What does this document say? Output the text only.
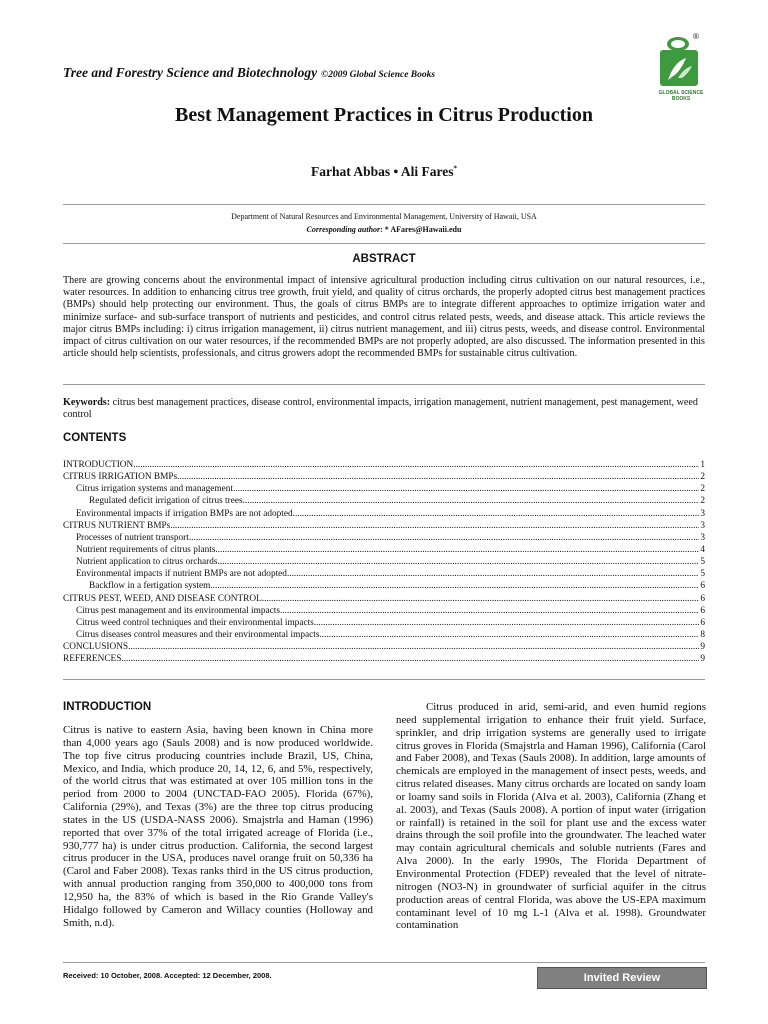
Tree and Forestry Science and Biotechnology ©2009 Global Science Books
®
GLOBAL SCIENCE
BOOKS
Best Management Practices in Citrus Production
Farhat Abbas • Ali Fares*
Department of Natural Resources and Environmental Management, University of Hawaii, USA
Corresponding author: * AFares@Hawaii.edu
ABSTRACT
There are growing concerns about the environmental impact of intensive agricultural production including citrus cultivation on our natural resources, i.e., water resources. In addition to enhancing citrus tree growth, fruit yield, and quality of citrus orchards, the properly adopted citrus best management practices (BMPs) should help protecting our environment. Thus, the goals of citrus BMPs are to integrate different approaches to optimize irrigation water and minimize surface- and sub-surface transport of nutrients and pesticides, and control citrus related pests, weeds, and disease attack. This article reviews the major citrus BMPs including: i) citrus irrigation management, ii) citrus nutrient management, and iii) citrus pests, weeds, and disease control. Environmental impact of citrus cultivation on our water resources, if the recommended BMPs are not properly adopted, are also discussed. The information presented in this article should help scientists, professionals, and citrus growers adopt the recommended BMPs for sustainable citrus cultivation.
Keywords: citrus best management practices, disease control, environmental impacts, irrigation management, nutrient management, pest management, weed control
CONTENTS
INTRODUCTION .....	1
CITRUS IRRIGATION BMPs .....	2
Citrus irrigation systems and management .....	2
Regulated deficit irrigation of citrus trees .....	2
Environmental impacts if irrigation BMPs are not adopted .....	3
CITRUS NUTRIENT BMPs .....	3
Processes of nutrient transport .....	3
Nutrient requirements of citrus plants .....	4
Nutrient application to citrus orchards .....	5
Environmental impacts if nutrient BMPs are not adopted .....	5
Backflow in a fertigation system .....	6
CITRUS PEST, WEED, AND DISEASE CONTROL .....	6
Citrus pest management and its environmental impacts .....	6
Citrus weed control techniques and their environmental impacts .....	6
Citrus diseases control measures and their environmental impacts .....	8
CONCLUSIONS .....	9
REFERENCES .....	9
INTRODUCTION
Citrus is native to eastern Asia, having been known in China more than 4,000 years ago (Sauls 2008) and is now produced worldwide. The top five citrus producing countries include Brazil, US, China, Mexico, and India, which produce 20, 14, 12, 6, and 5%, respectively, of the world citrus that was estimated at over 105 million tons in the period from 2000 to 2004 (UNCTAD-FAO 2005). Florida (67%), California (29%), and Texas (3%) are the three top citrus producing states in the US (USDA-NASS 2006). Smajstrla and Haman (1996) reported that over 37% of the total irrigated acreage of Florida (i.e., 930,777 ha) is under citrus production. California, the second largest citrus producer in the USA, produces navel orange fruit on 50,336 ha (Carol and Faber 2008). Texas ranks third in the US citrus production, with annual production ranging from 350,000 to 400,000 tons from 12,950 ha, the 83% of which is based in the Rio Grande Valley's Hidalgo followed by Cameron and Willacy counties (Holloway and Smith, n.d).
Citrus produced in arid, semi-arid, and even humid regions need supplemental irrigation to enhance their fruit yield. Surface, sprinkler, and drip irrigation systems are generally used to irrigate citrus groves in Florida (Smajstrla and Haman 1996), California (Carol and Faber 2008), and Texas (Sauls 2008). In addition, large amounts of chemicals are employed in the management of insect pests, weeds, and citrus related diseases. Many citrus orchards are located on sandy loam or loamy sand soils in Florida (Alva et al. 2003), California (Zhang et al. 2003), and Texas (Sauls 2008). A portion of input water (irrigation or rainfall) is retained in the soil for plant use and the excess water drains through the soil profile into the groundwater. The leached water may contain agricultural chemicals and soluble nutrients (Fares and Alva 2000). In the early 1990s, The Florida Department of Environmental Protection (FDEP) revealed that the level of nitrate-nitrogen (NO3-N) in groundwater of surficial aquifer in the citrus production areas of central Florida, was above the US-EPA maximum contaminant level of 10 mg L-1 (Alva et al. 1998). Groundwater contamination
Received: 10 October, 2008. Accepted: 12 December, 2008.	Invited Review
